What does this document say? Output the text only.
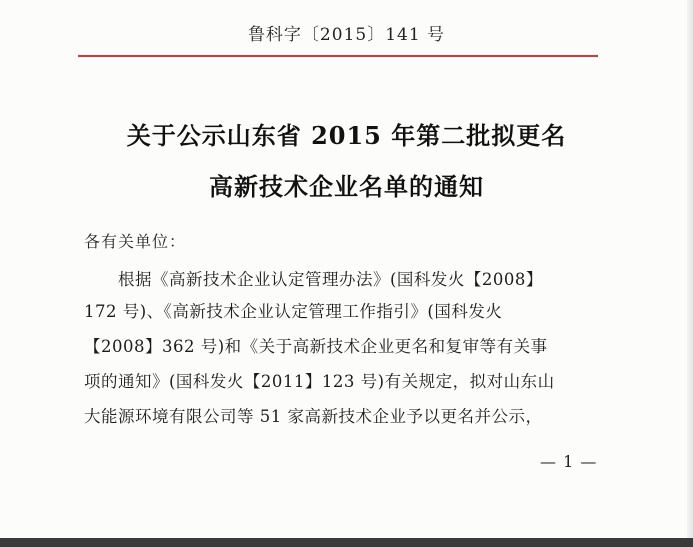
鲁科字〔2015〕141 号
关于公示山东省 2015 年第二批拟更名
高新技术企业名单的通知
各有关单位：
根据《高新技术企业认定管理办法》(国科发火【2008】
172 号)、《高新技术企业认定管理工作指引》(国科发火
【2008】362 号)和《关于高新技术企业更名和复审等有关事
项的通知》(国科发火【2011】123 号)有关规定，拟对山东山
大能源环境有限公司等 51 家高新技术企业予以更名并公示，
— 1 —
